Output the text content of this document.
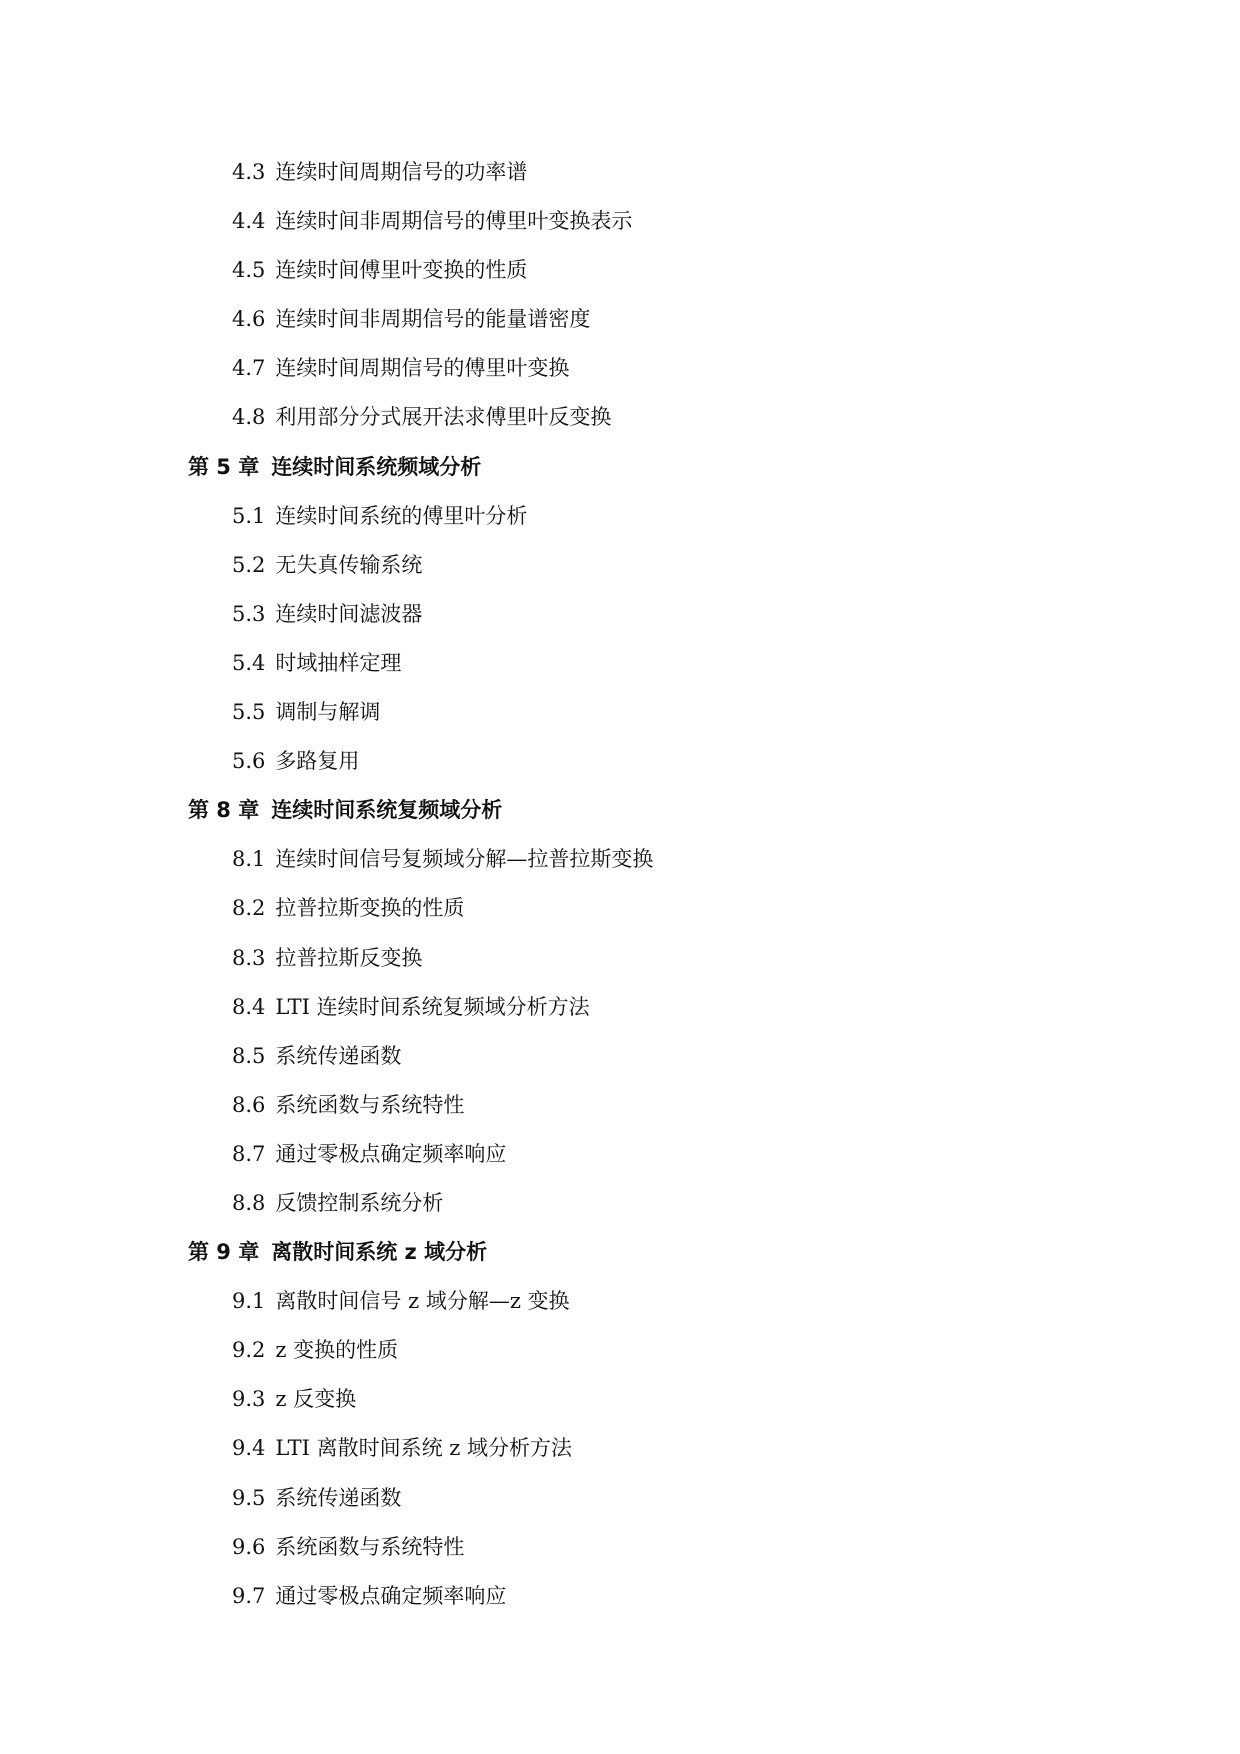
4.3 连续时间周期信号的功率谱
4.4 连续时间非周期信号的傅里叶变换表示
4.5 连续时间傅里叶变换的性质
4.6 连续时间非周期信号的能量谱密度
4.7 连续时间周期信号的傅里叶变换
4.8 利用部分分式展开法求傅里叶反变换
第 5 章 连续时间系统频域分析
5.1 连续时间系统的傅里叶分析
5.2 无失真传输系统
5.3 连续时间滤波器
5.4 时域抽样定理
5.5 调制与解调
5.6 多路复用
第 8 章 连续时间系统复频域分析
8.1 连续时间信号复频域分解—拉普拉斯变换
8.2 拉普拉斯变换的性质
8.3 拉普拉斯反变换
8.4 LTI 连续时间系统复频域分析方法
8.5 系统传递函数
8.6 系统函数与系统特性
8.7 通过零极点确定频率响应
8.8 反馈控制系统分析
第 9 章 离散时间系统 z 域分析
9.1 离散时间信号 z 域分解—z 变换
9.2 z 变换的性质
9.3 z 反变换
9.4 LTI 离散时间系统 z 域分析方法
9.5 系统传递函数
9.6 系统函数与系统特性
9.7 通过零极点确定频率响应
